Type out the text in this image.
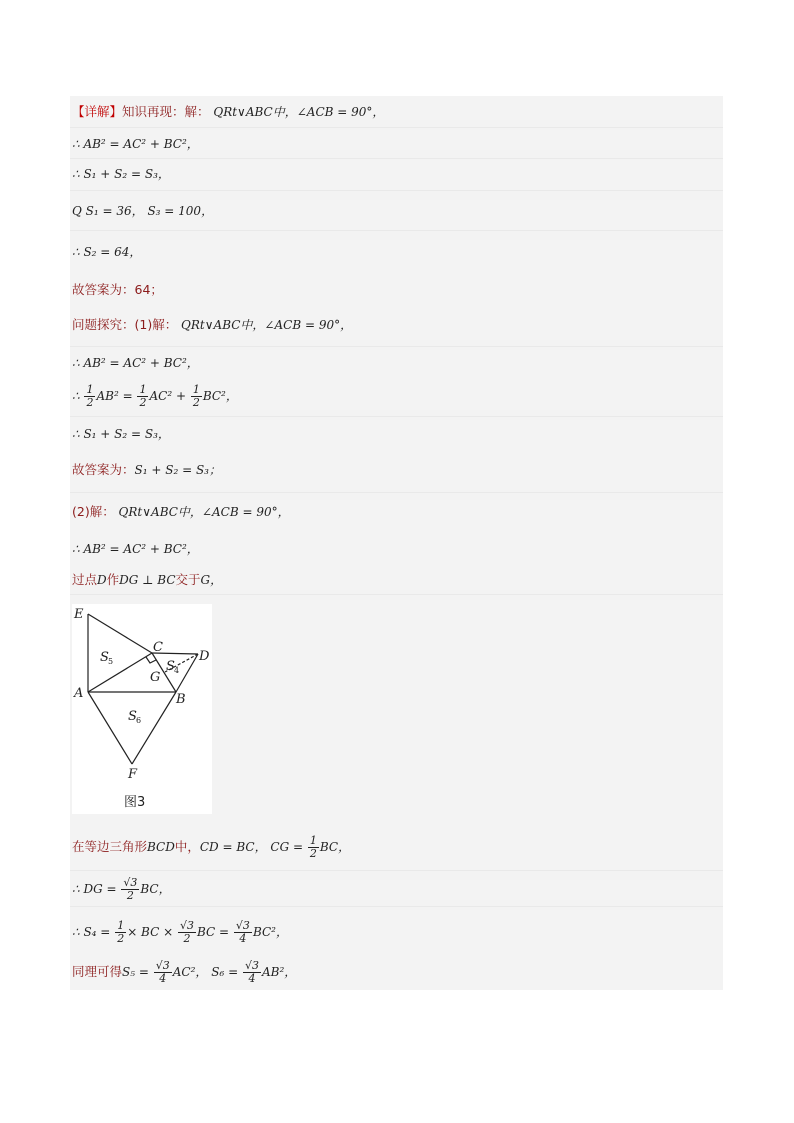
【详解】知识再现：解： QRt∨ABC中，∠ACB = 90°，
∴ AB² = AC² + BC²，
∴ S₁ + S₂ = S₃，
Q S₁ = 36， S₃ = 100，
∴ S₂ = 64，
故答案为：64；
问题探究：(1)解： QRt∨ABC中，∠ACB = 90°，
∴ AB² = AC² + BC²，
∴ $\frac{1}{2} AB^2 = \frac{1}{2} AC^2 + \frac{1}{2} BC^2$，
∴ S₁ + S₂ = S₃，
故答案为：S₁ + S₂ = S₃；
(2)解： QRt∨ABC中，∠ACB = 90°，
∴ AB² = AC² + BC²，
过点D作DG ⊥ BC交于G，
E
C
D
A
G
B
F
S
S
S
5
4
6
图3
在等边三角形BCD中，CD = BC， CG = $\frac{1}{2}$ BC，
∴ DG = $\frac{√3}{2}$ BC，
∴ $S_4 = \frac{1}{2}$ × BC × $\frac{√3}{2}$ BC = $\frac{√3}{4} BC^2$，
同理可得$S_5 = \frac{√3}{4} AC^2$， $S_6 = \frac{√3}{4} AB^2$，
